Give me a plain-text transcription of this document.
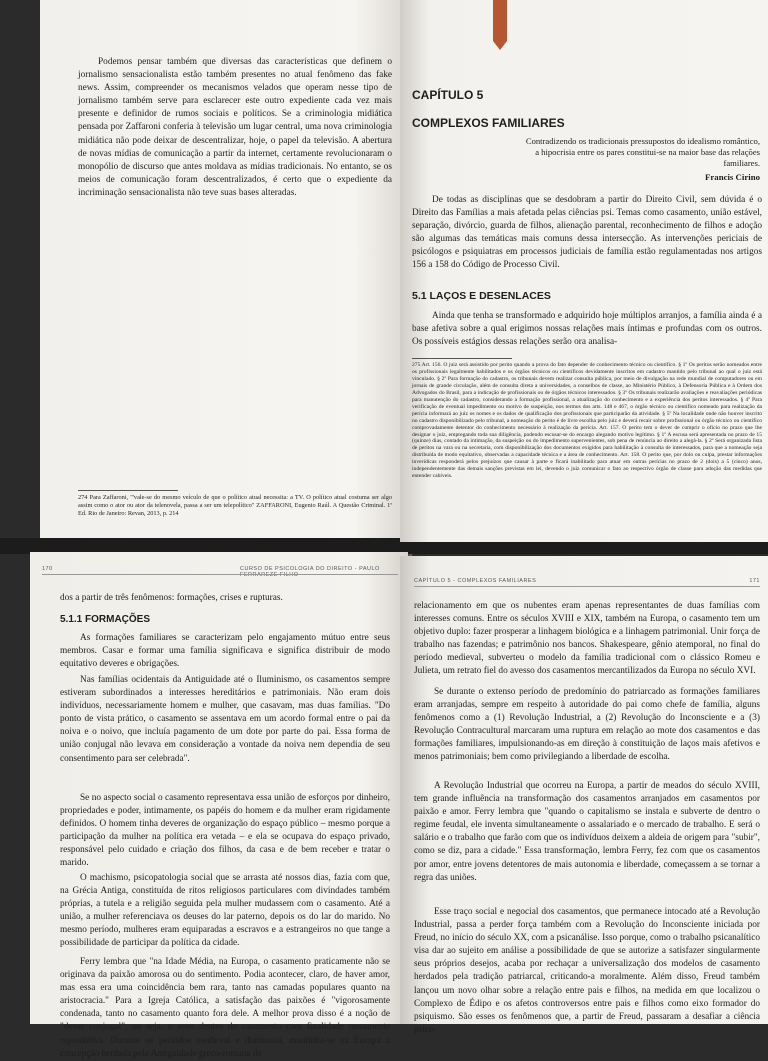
Podemos pensar também que diversas das características que definem o jornalismo sensacionalista estão também presentes no atual fenômeno das fake news. Assim, compreender os mecanismos velados que operam nesse tipo de jornalismo também serve para esclarecer este outro expediente cada vez mais presente e definidor de rumos sociais e políticos. Se a criminologia midiática pensada por Zaffaroni conferia à televisão um lugar central, uma nova criminologia midiática não pode deixar de descentralizar, hoje, o papel da televisão. A abertura de novas mídias de comunicação a partir da internet, certamente revolucionaram o monopólio de discurso que antes moldava as mídias tradicionais. No entanto, se os meios de comunicação foram descentralizados, é certo que o expediente da incriminação sensacionalista não teve suas bases alteradas.

274 Para Zaffaroni, "'vale-se do mesmo veículo de que o político atual necessita: a TV. O político atual costuma ser algo assim como o ator ou ator da telenovela, passa a ser um telepolítico" ZAFFARONI, Eugenio Raúl. A Questão Criminal. 1ª Ed. Rio de Janeiro: Revan, 2013, p. 214

CAPÍTULO 5
COMPLEXOS FAMILIARES

Contradizendo os tradicionais pressupostos do idealismo romântico, a hipocrisia entre os pares constitui-se na maior base das relações familiares.

Francis Cirino

De todas as disciplinas que se desdobram a partir do Direito Civil, sem dúvida é o Direito das Famílias a mais afetada pelas ciências psi. Temas como casamento, união estável, separação, divórcio, guarda de filhos, alienação parental, reconhecimento de filhos e adoção são algumas das temáticas mais comuns dessa intersecção. As intervenções periciais de psicólogos e psiquiatras em processos judiciais de família estão regulamentadas nos artigos 156 a 158 do Código de Processo Civil.

5.1 LAÇOS E DESENLACES

Ainda que tenha se transformado e adquirido hoje múltiplos arranjos, a família ainda é a base afetiva sobre a qual erigimos nossas relações mais íntimas e profundas com os outros. Os possíveis estágios dessas relações serão ora analisa-

275 Art. 156. O juiz será assistido por perito quando a prova do fato depender de conhecimento técnico ou científico. § 1º Os peritos serão nomeados entre os profissionais legalmente habilitados e os órgãos técnicos ou científicos devidamente inscritos em cadastro mantido pelo tribunal ao qual o juiz está vinculado. § 2º Para formação do cadastro, os tribunais devem realizar consulta pública, por meio de divulgação na rede mundial de computadores ou em jornais de grande circulação, além de consulta direta a universidades, a conselhos de classe, ao Ministério Público, à Defensoria Pública e à Ordem dos Advogados do Brasil, para a indicação de profissionais ou de órgãos técnicos interessados. § 3º Os tribunais realizarão avaliações e reavaliações periódicas para manutenção do cadastro, considerando a formação profissional, a atualização do conhecimento e a experiência dos peritos interessados. § 4º Para verificação de eventual impedimento ou motivo de suspeição, nos termos dos arts. 148 e 467, o órgão técnico ou científico nomeado para realização da perícia informará ao juiz os nomes e os dados de qualificação dos profissionais que participarão da atividade. § 5º Na localidade onde não houver inscrito no cadastro disponibilizado pelo tribunal, a nomeação do perito é de livre escolha pelo juiz e deverá recair sobre profissional ou órgão técnico ou científico comprovadamente detentor do conhecimento necessário à realização da perícia. Art. 157. O perito tem o dever de cumprir o ofício no prazo que lhe designar o juiz, empregando toda sua diligência, podendo escusar-se do encargo alegando motivo legítimo. § 1º A escusa será apresentada no prazo de 15 (quinze) dias, contado da intimação, da suspeição ou do impedimento supervenientes, sob pena de renúncia ao direito a alegá-la. § 2º Será organizada lista de peritos na vara ou na secretaria, com disponibilização dos documentos exigidos para habilitação à consulta de interessados, para que a nomeação seja distribuída de modo equitativo, observadas a capacidade técnica e a área de conhecimento. Art. 158. O perito que, por dolo ou culpa, prestar informações inverídicas responderá pelos prejuízos que causar à parte e ficará inabilitado para atuar em outras perícias no prazo de 2 (dois) a 5 (cinco) anos, independentemente das demais sanções previstas em lei, devendo o juiz comunicar o fato ao respectivo órgão de classe para adoção das medidas que entender cabíveis.

170	CURSO DE PSICOLOGIA DO DIREITO - PAULO FERRAREZE FILHO

dos a partir de três fenômenos: formações, crises e rupturas.

5.1.1 FORMAÇÕES

As formações familiares se caracterizam pelo engajamento mútuo entre seus membros. Casar e formar uma família significava e significa distribuir de modo equitativo deveres e obrigações.

Nas famílias ocidentais da Antiguidade até o Iluminismo, os casamentos sempre estiveram subordinados a interesses hereditários e patrimoniais. Não eram dois indivíduos, necessariamente homem e mulher, que casavam, mas duas famílias. "Do ponto de vista prático, o casamento se assentava em um acordo formal entre o pai da noiva e o noivo, que incluía pagamento de um dote por parte do pai. Essa forma de união conjugal não levava em consideração a vontade da noiva nem dependia de seu consentimento para ser celebrada".

Se no aspecto social o casamento representava essa união de esforços por dinheiro, propriedades e poder, intimamente, os papéis do homem e da mulher eram rigidamente definidos. O homem tinha deveres de organização do espaço público – mesmo porque a participação da mulher na política era vetada – e ela se ocupava do espaço privado, responsável pelo cuidado e criação dos filhos, da casa e de bem receber e tratar o marido.

O machismo, psicopatologia social que se arrasta até nossos dias, fazia com que, na Grécia Antiga, constituída de ritos religiosos particulares com divindades também próprias, a tutela e a religião seguida pela mulher mudassem com o casamento. Até a união, a mulher referenciava os deuses do lar paterno, depois os do lar do marido. No mesmo período, mulheres eram equiparadas a escravos e a estrangeiros no que tange a possibilidade de participar da política da cidade.

Ferry lembra que "na Idade Média, na Europa, o casamento praticamente não se originava da paixão amorosa ou do sentimento. Podia acontecer, claro, de haver amor, mas essa era uma coincidência bem rara, tanto nas camadas populares quanto na aristocracia." Para a Igreja Católica, a satisfação das paixões é "vigorosamente condenada, tanto no casamento quanto fora dele. A melhor prova disso é a noção de "dever conjugal", ou seja, o sexo dentro do casamento com finalidade meramente reprodutiva. Durante os períodos medieval e iluminista, mantinha-se na Europa a concepção herdada pela Antiguidade greco-romana de

CAPÍTULO 5 - COMPLEXOS FAMILIARES	171

relacionamento em que os nubentes eram apenas representantes de duas famílias com interesses comuns. Entre os séculos XVIII e XIX, também na Europa, o casamento tem um objetivo duplo: fazer prosperar a linhagem biológica e a linhagem patrimonial. Unir força de trabalho nas fazendas; e patrimônio nos bancos. Shakespeare, gênio atemporal, no final do período medieval, subverteu o modelo da família tradicional com o clássico Romeu e Julieta, um retrato fiel do avesso dos casamentos mercantilizados da Europa no século XVI.

Se durante o extenso período de predomínio do patriarcado as formações familiares eram arranjadas, sempre em respeito à autoridade do pai como chefe de família, alguns fenômenos como a (1) Revolução Industrial, a (2) Revolução do Inconsciente e a (3) Revolução Contracultural marcaram uma ruptura em relação ao mote dos casamentos e das formações familiares, impulsionando-as em direção à constituição de laços mais afetivos e menos patrimoniais; bem como privilegiando a liberdade de escolha.

A Revolução Industrial que ocorreu na Europa, a partir de meados do século XVIII, tem grande influência na transformação dos casamentos arranjados em casamentos por paixão e amor. Ferry lembra que "quando o capitalismo se instala e subverte de dentro o regime feudal, ele inventa simultaneamente o assalariado e o mercado de trabalho. E será o salário e o trabalho que farão com que os indivíduos deixem a aldeia de origem para "subir", como se diz, para a cidade." Essa transformação, lembra Ferry, fez com que os casamentos por amor, entre jovens detentores de mais autonomia e liberdade, começassem a se tornar a regra das uniões.

Esse traço social e negocial dos casamentos, que permanece intocado até a Revolução Industrial, passa a perder força também com a Revolução do Inconsciente iniciada por Freud, no início do século XX, com a psicanálise. Isso porque, como o trabalho psicanalítico visa dar ao sujeito em análise a possibilidade de que se autorize a satisfazer singularmente seus próprios desejos, acaba por rechaçar a universalização dos modelos de casamento herdados pela tradição patriarcal, criticando-a moralmente. Além disso, Freud também lançou um novo olhar sobre a relação entre pais e filhos, na medida em que localizou o Complexo de Édipo e os afetos controversos entre pais e filhos como eixo formador do psiquismo. São esses os fenômenos que, a partir de Freud, passaram a desafiar a ciência psico-
